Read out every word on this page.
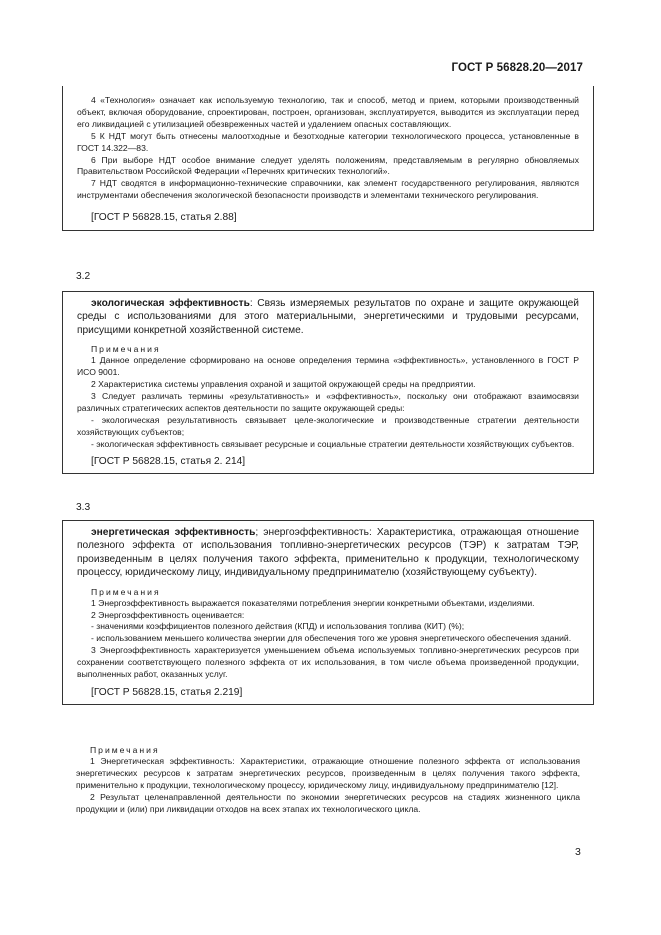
ГОСТ Р 56828.20—2017

4 «Технология» означает как используемую технологию, так и способ, метод и прием, которыми производственный объект, включая оборудование, спроектирован, построен, организован, эксплуатируется, выводится из эксплуатации перед его ликвидацией с утилизацией обезвреженных частей и удалением опасных составляющих.

5 К НДТ могут быть отнесены малоотходные и безотходные категории технологического процесса, установленные в ГОСТ 14.322—83.

6 При выборе НДТ особое внимание следует уделять положениям, представляемым в регулярно обновляемых Правительством Российской Федерации «Перечнях критических технологий».

7 НДТ сводятся в информационно-технические справочники, как элемент государственного регулирования, являются инструментами обеспечения экологической безопасности производств и элементами технического регулирования.

[ГОСТ Р 56828.15, статья 2.88]

3.2

экологическая эффективность: Связь измеряемых результатов по охране и защите окружающей среды с использованиями для этого материальными, энергетическими и трудовыми ресурсами, присущими конкретной хозяйственной системе.

Примечания

1 Данное определение сформировано на основе определения термина «эффективность», установленного в ГОСТ Р ИСО 9001.

2 Характеристика системы управления охраной и защитой окружающей среды на предприятии.

3 Следует различать термины «результативность» и «эффективность», поскольку они отображают взаимосвязи различных стратегических аспектов деятельности по защите окружающей среды:

- экологическая результативность связывает целе-экологические и производственные стратегии деятельности хозяйствующих субъектов;

- экологическая эффективность связывает ресурсные и социальные стратегии деятельности хозяйствующих субъектов.

[ГОСТ Р 56828.15, статья 2. 214]

3.3

энергетическая эффективность; энергоэффективность: Характеристика, отражающая отношение полезного эффекта от использования топливно-энергетических ресурсов (ТЭР) к затратам ТЭР, произведенным в целях получения такого эффекта, применительно к продукции, технологическому процессу, юридическому лицу, индивидуальному предпринимателю (хозяйствующему субъекту).

Примечания

1 Энергоэффективность выражается показателями потребления энергии конкретными объектами, изделиями.

2 Энергоэффективность оценивается:

- значениями коэффициентов полезного действия (КПД) и использования топлива (КИТ) (%);

- использованием меньшего количества энергии для обеспечения того же уровня энергетического обеспечения зданий.

3 Энергоэффективность характеризуется уменьшением объема используемых топливно-энергетических ресурсов при сохранении соответствующего полезного эффекта от их использования, в том числе объема произведенной продукции, выполненных работ, оказанных услуг.

[ГОСТ Р 56828.15, статья 2.219]

Примечания

1 Энергетическая эффективность: Характеристики, отражающие отношение полезного эффекта от использования энергетических ресурсов к затратам энергетических ресурсов, произведенным в целях получения такого эффекта, применительно к продукции, технологическому процессу, юридическому лицу, индивидуальному предпринимателю [12].

2 Результат целенаправленной деятельности по экономии энергетических ресурсов на стадиях жизненного цикла продукции и (или) при ликвидации отходов на всех этапах их технологического цикла.

3
